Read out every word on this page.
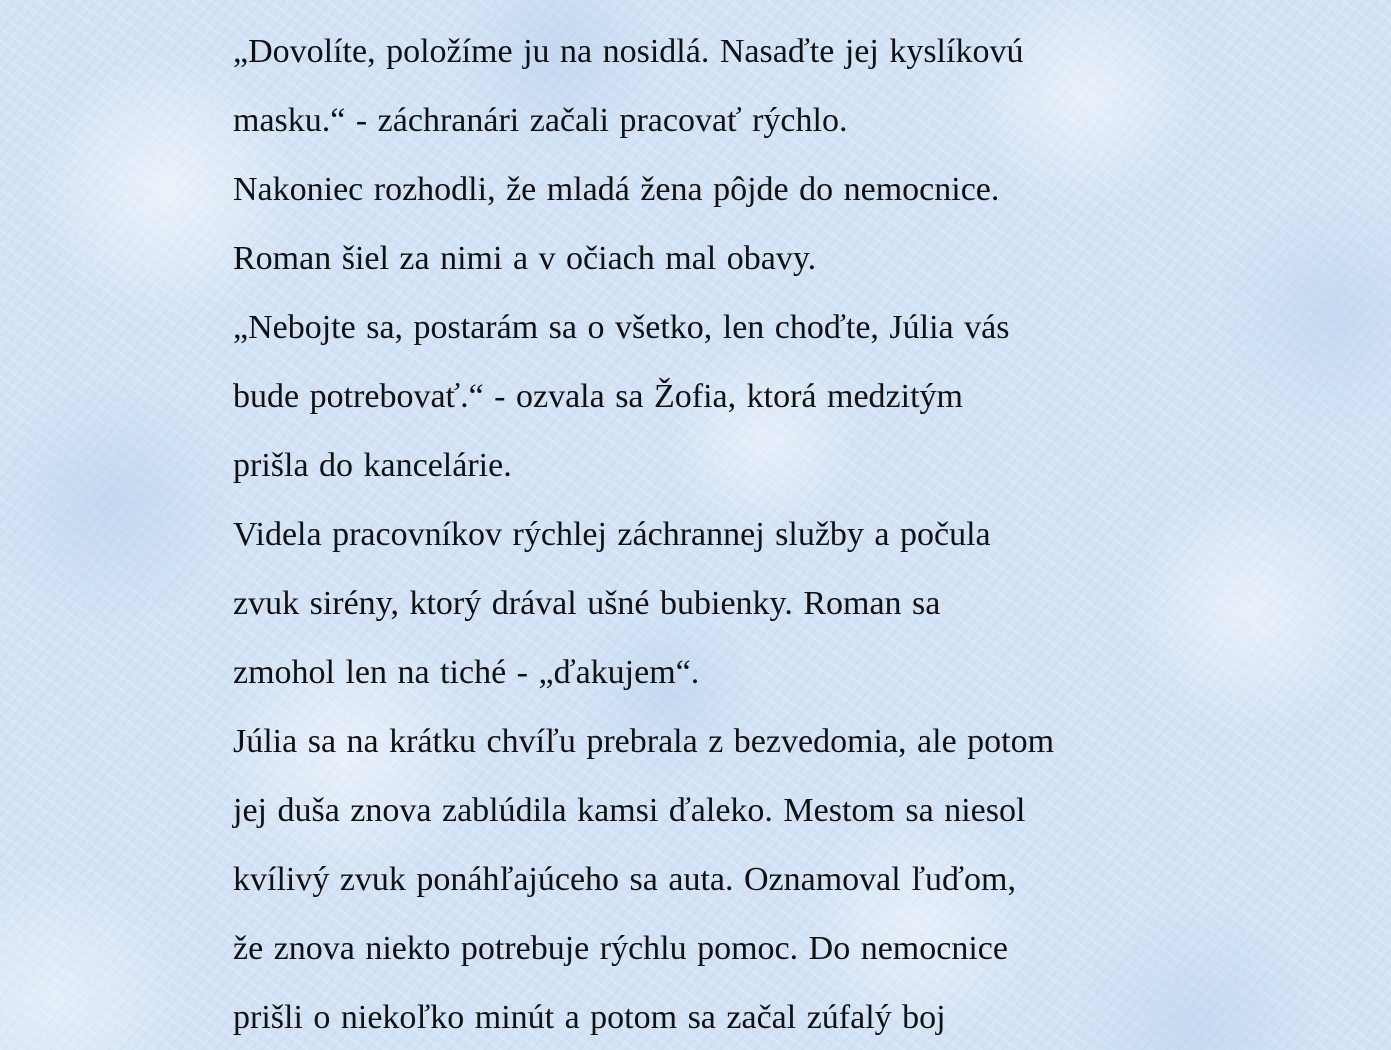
„Dovolíte, položíme ju na nosidlá. Nasaďte jej kyslíkovú
masku.“ - záchranári začali pracovať rýchlo.
Nakoniec rozhodli, že mladá žena pôjde do nemocnice.
Roman šiel za nimi a v očiach mal obavy.
„Nebojte sa, postarám sa o všetko, len choďte, Júlia vás
bude potrebovať.“ - ozvala sa Žofia, ktorá medzitým
prišla do kancelárie.
Videla pracovníkov rýchlej záchrannej služby a počula
zvuk sirény, ktorý drával ušné bubienky. Roman sa
zmohol len na tiché - „ďakujem“.
Júlia sa na krátku chvíľu prebrala z bezvedomia, ale potom
jej duša znova zablúdila kamsi ďaleko. Mestom sa niesol
kvílivý zvuk ponáhľajúceho sa auta. Oznamoval ľuďom,
že znova niekto potrebuje rýchlu pomoc. Do nemocnice
prišli o niekoľko minút a potom sa začal zúfalý boj
